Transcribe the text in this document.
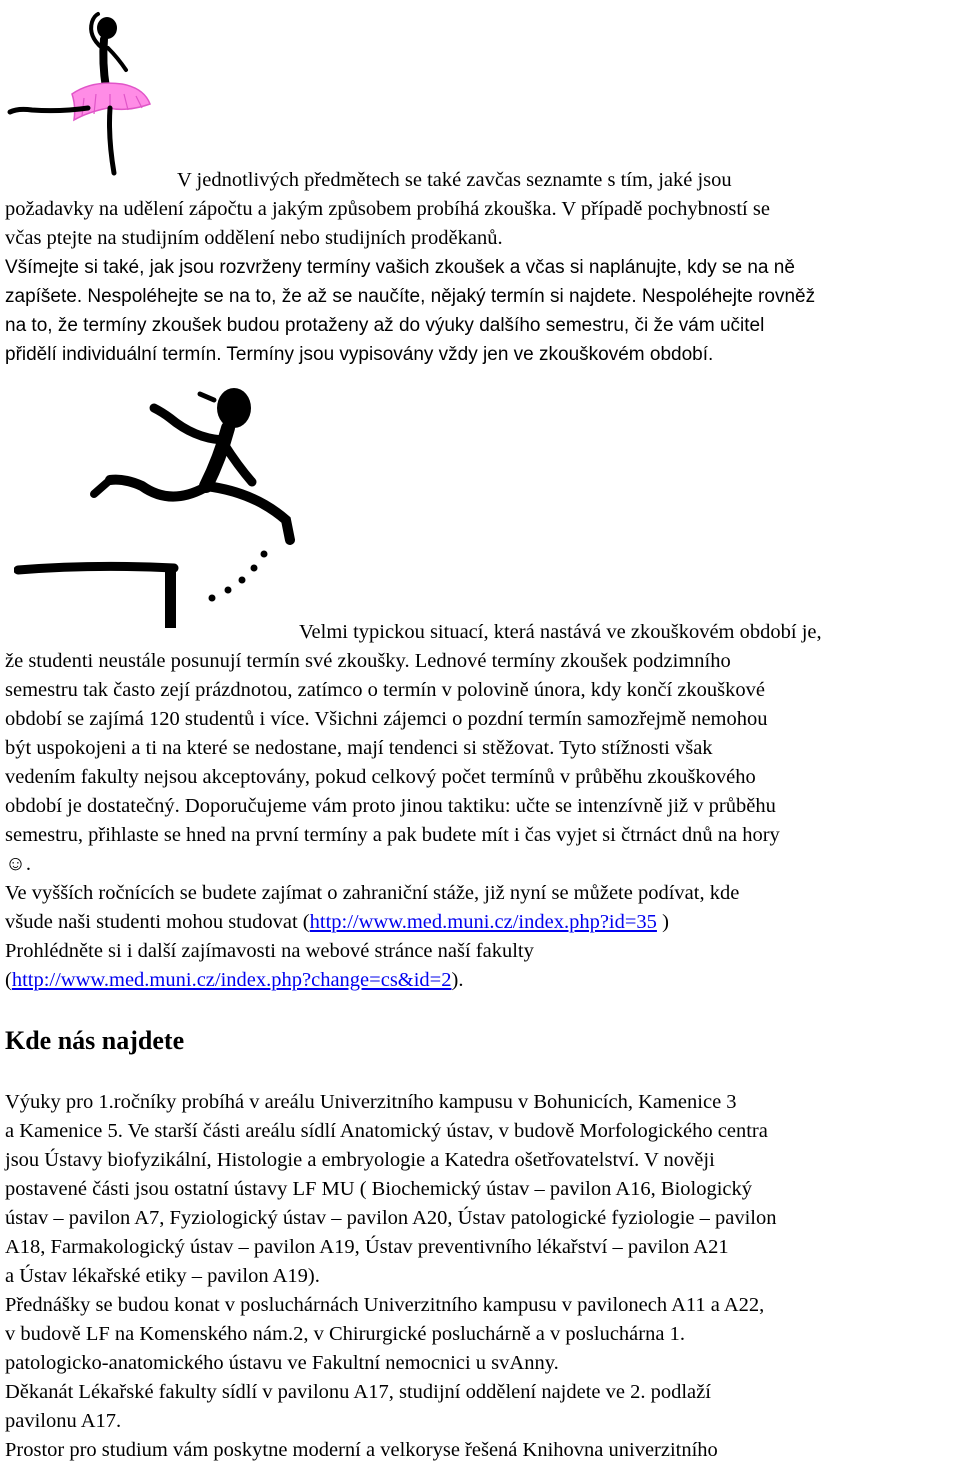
V jednotlivých předmětech se také zavčas seznamte s tím, jaké jsou
požadavky na udělení zápočtu a jakým způsobem probíhá zkouška. V případě pochybností se
včas ptejte na studijním oddělení nebo studijních proděkanů.

Všímejte si také, jak jsou rozvrženy termíny vašich zkoušek a včas si naplánujte, kdy se na ně
zapíšete. Nespoléhejte se na to, že až se naučíte, nějaký termín si najdete. Nespoléhejte rovněž
na to, že termíny zkoušek budou protaženy až do výuky dalšího semestru, či že vám učitel
přidělí individuální termín. Termíny jsou vypisovány vždy jen ve zkouškovém období.

Velmi typickou situací, která nastává ve zkouškovém období je,
že studenti neustále posunují termín své zkoušky. Lednové termíny zkoušek podzimního
semestru tak často zejí prázdnotou, zatímco o termín v polovině února, kdy končí zkouškové
období se zajímá 120 studentů i více. Všichni zájemci o pozdní termín samozřejmě nemohou
být uspokojeni a ti na které se nedostane, mají tendenci si stěžovat. Tyto stížnosti však
vedením fakulty nejsou akceptovány, pokud celkový počet termínů v průběhu zkouškového
období je dostatečný. Doporučujeme vám proto jinou taktiku: učte se intenzívně již v průběhu
semestru, přihlaste se hned na první termíny a pak budete mít i čas vyjet si čtrnáct dnů na hory
☺.
Ve vyšších ročnících se budete zajímat o zahraniční stáže, již nyní se můžete podívat, kde
všude naši studenti mohou studovat (http://www.med.muni.cz/index.php?id=35 )
Prohlédněte si i další zajímavosti na webové stránce naší fakulty
(http://www.med.muni.cz/index.php?change=cs&id=2).

Kde nás najdete

Výuky pro 1.ročníky probíhá v areálu Univerzitního kampusu v Bohunicích, Kamenice 3
a Kamenice 5. Ve starší části areálu sídlí Anatomický ústav, v budově Morfologického centra
jsou Ústavy biofyzikální, Histologie a embryologie a Katedra ošetřovatelství. V nověji
postavené části jsou ostatní ústavy LF MU ( Biochemický ústav – pavilon A16, Biologický
ústav – pavilon A7, Fyziologický ústav – pavilon A20, Ústav patologické fyziologie – pavilon
A18, Farmakologický ústav – pavilon A19, Ústav preventivního lékařství – pavilon A21
a Ústav lékařské etiky – pavilon A19).
Přednášky se budou konat v posluchárnách Univerzitního kampusu v pavilonech A11 a A22,
v budově LF na Komenského nám.2, v Chirurgické posluchárně a v posluchárna 1.
patologicko-anatomického ústavu ve Fakultní nemocnici u svAnny.
Děkanát Lékařské fakulty sídlí v pavilonu A17, studijní oddělení najdete ve 2. podlaží
pavilonu A17.
Prostor pro studium vám poskytne moderní a velkoryse řešená Knihovna univerzitního
